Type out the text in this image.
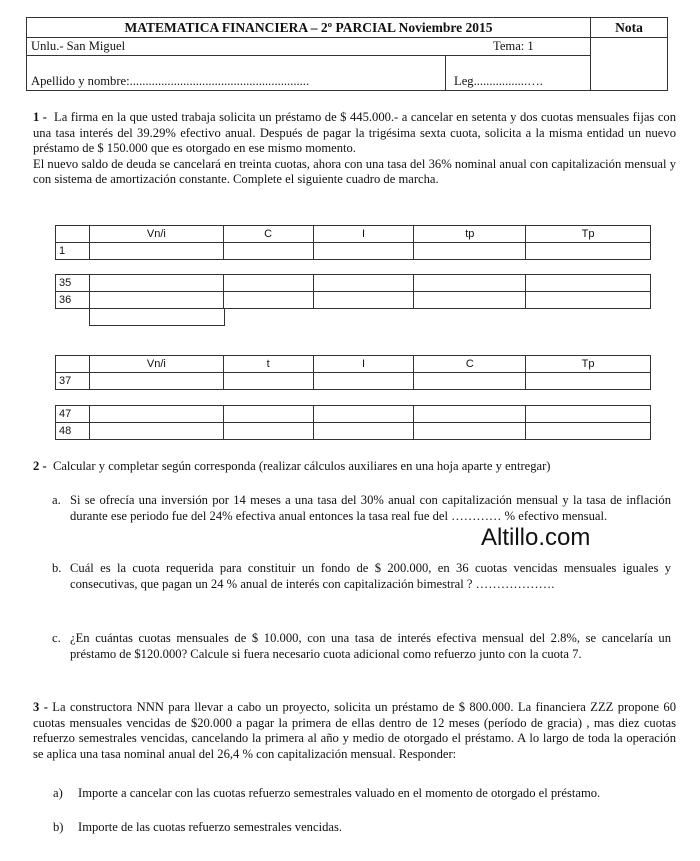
MATEMATICA FINANCIERA – 2º PARCIAL Noviembre 2015
Unlu.- San Miguel	Tema: 1
Apellido y nombre:.........................................................	Leg.................….
Nota

1 - La firma en la que usted trabaja solicita un préstamo de $ 445.000.- a cancelar en setenta y dos cuotas mensuales fijas con una tasa interés del 39.29% efectivo anual. Después de pagar la trigésima sexta cuota, solicita a la misma entidad un nuevo préstamo de $ 150.000 que es otorgado en ese mismo momento.

El nuevo saldo de deuda se cancelará en treinta cuotas, ahora con una tasa del 36% nominal anual con capitalización mensual y con sistema de amortización constante. Complete el siguiente cuadro de marcha.

	Vn/i	C	I	tp	Tp
1					
35					
36					
	Vn/i	t	I	C	Tp
37					
47					
48					
2 - Calcular y completar según corresponda (realizar cálculos auxiliares en una hoja aparte y entregar)
a. Si se ofrecía una inversión por 14 meses a una tasa del 30% anual con capitalización mensual y la tasa de inflación durante ese periodo fue del 24% efectiva anual entonces la tasa real fue del ………… % efectivo mensual.
Altillo.com
b. Cuál es la cuota requerida para constituir un fondo de $ 200.000, en 36 cuotas vencidas mensuales iguales y consecutivas, que pagan un 24 % anual de interés con capitalización bimestral ? ……………….
c. ¿En cuántas cuotas mensuales de $ 10.000, con una tasa de interés efectiva mensual del 2.8%, se cancelaría un préstamo de $120.000? Calcule si fuera necesario cuota adicional como refuerzo junto con la cuota 7.
3 - La constructora NNN para llevar a cabo un proyecto, solicita un préstamo de $ 800.000. La financiera ZZZ propone 60 cuotas mensuales vencidas de $20.000 a pagar la primera de ellas dentro de 12 meses (período de gracia) , mas diez cuotas refuerzo semestrales vencidas, cancelando la primera al año y medio de otorgado el préstamo. A lo largo de toda la operación se aplica una tasa nominal anual del 26,4 % con capitalización mensual. Responder:
a) Importe a cancelar con las cuotas refuerzo semestrales valuado en el momento de otorgado el préstamo.
b) Importe de las cuotas refuerzo semestrales vencidas.
